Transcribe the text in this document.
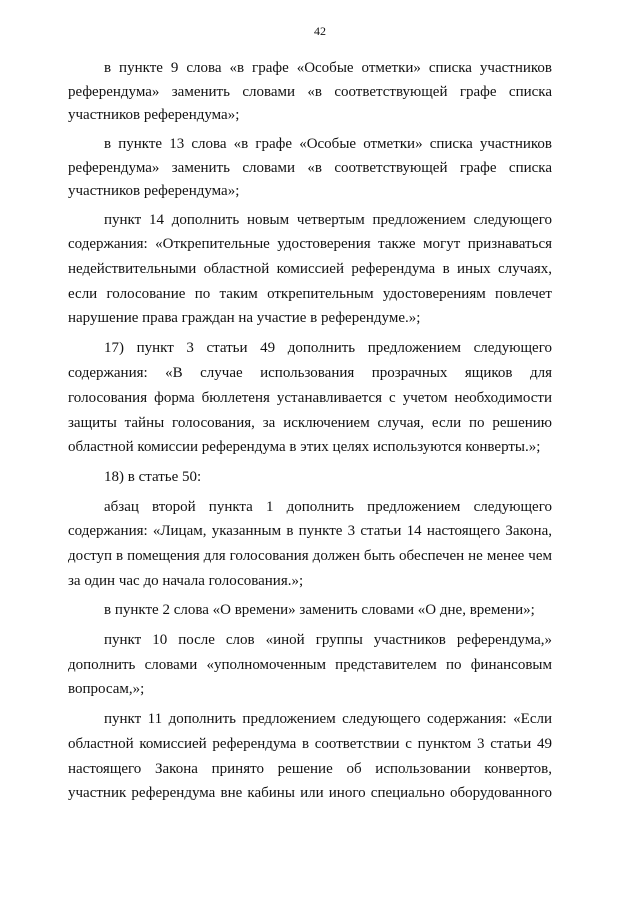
42
в пункте 9 слова «в графе «Особые отметки» списка участников
референдума» заменить словами «в соответствующей графе списка
участников референдума»;
в пункте 13 слова «в графе «Особые отметки» списка участников
референдума» заменить словами «в соответствующей графе списка
участников референдума»;
пункт 14 дополнить новым четвертым предложением следующего
содержания: «Открепительные удостоверения также могут признаваться
недействительными областной комиссией референдума в иных случаях,
если голосование по таким открепительным удостоверениям повлечет
нарушение права граждан на участие в референдуме.»;
17) пункт 3 статьи 49 дополнить предложением следующего
содержания: «В случае использования прозрачных ящиков для
голосования форма бюллетеня устанавливается с учетом необходимости
защиты тайны голосования, за исключением случая, если по решению
областной комиссии референдума в этих целях используются конверты.»;
18) в статье 50:
абзац второй пункта 1 дополнить предложением следующего
содержания: «Лицам, указанным в пункте 3 статьи 14 настоящего Закона,
доступ в помещения для голосования должен быть обеспечен не менее чем
за один час до начала голосования.»;
в пункте 2 слова «О времени» заменить словами «О дне, времени»;
пункт 10 после слов «иной группы участников референдума,»
дополнить словами «уполномоченным представителем по финансовым
вопросам,»;
пункт 11 дополнить предложением следующего содержания: «Если
областной комиссией референдума в соответствии с пунктом 3 статьи 49
настоящего Закона принято решение об использовании конвертов,
участник референдума вне кабины или иного специально оборудованного
